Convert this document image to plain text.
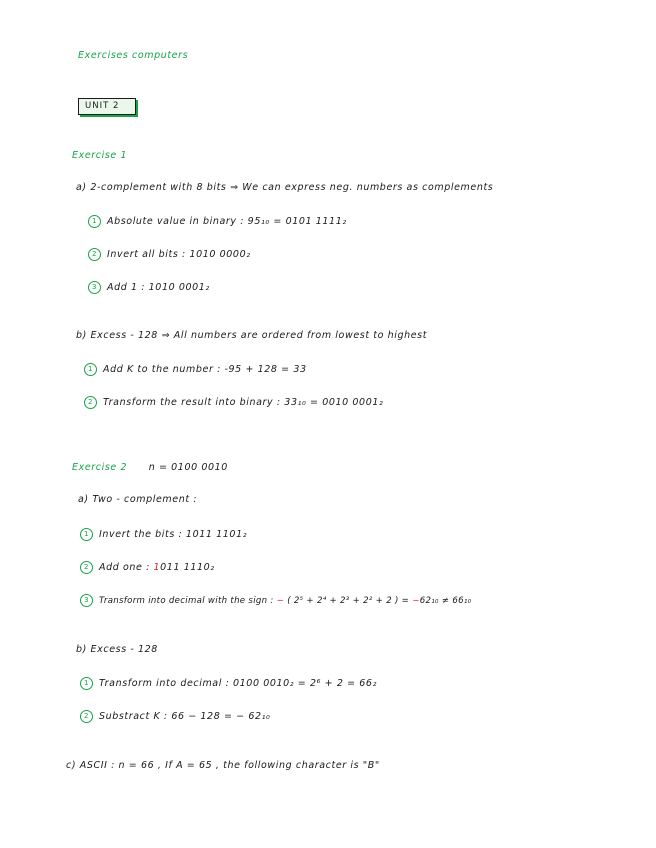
Exercises computers
UNIT 2
Exercise 1
a) 2-complement with 8 bits ⇒ We can express neg. numbers as complements
1 Absolute value in binary : 95₁₀ = 0101 1111₂
2 Invert all bits : 1010 0000₂
3 Add 1 : 1010 0001₂
b) Excess - 128 ⇒ All numbers are ordered from lowest to highest
1 Add K to the number : -95 + 128 = 33
2 Transform the result into binary : 33₁₀ = 0010 0001₂
Exercise 2 n = 0100 0010
a) Two - complement :
1 Invert the bits : 1011 1101₂
2 Add one : 1011 1110₂
3 Transform into decimal with the sign : − ( 2⁵ + 2⁴ + 2³ + 2² + 2 ) = −62₁₀ ≠ 66₁₀
b) Excess - 128
1 Transform into decimal : 0100 0010₂ = 2⁶ + 2 = 66₂
2 Substract K : 66 − 128 = − 62₁₀
c) ASCII : n = 66 , If A = 65 , the following character is "B"
